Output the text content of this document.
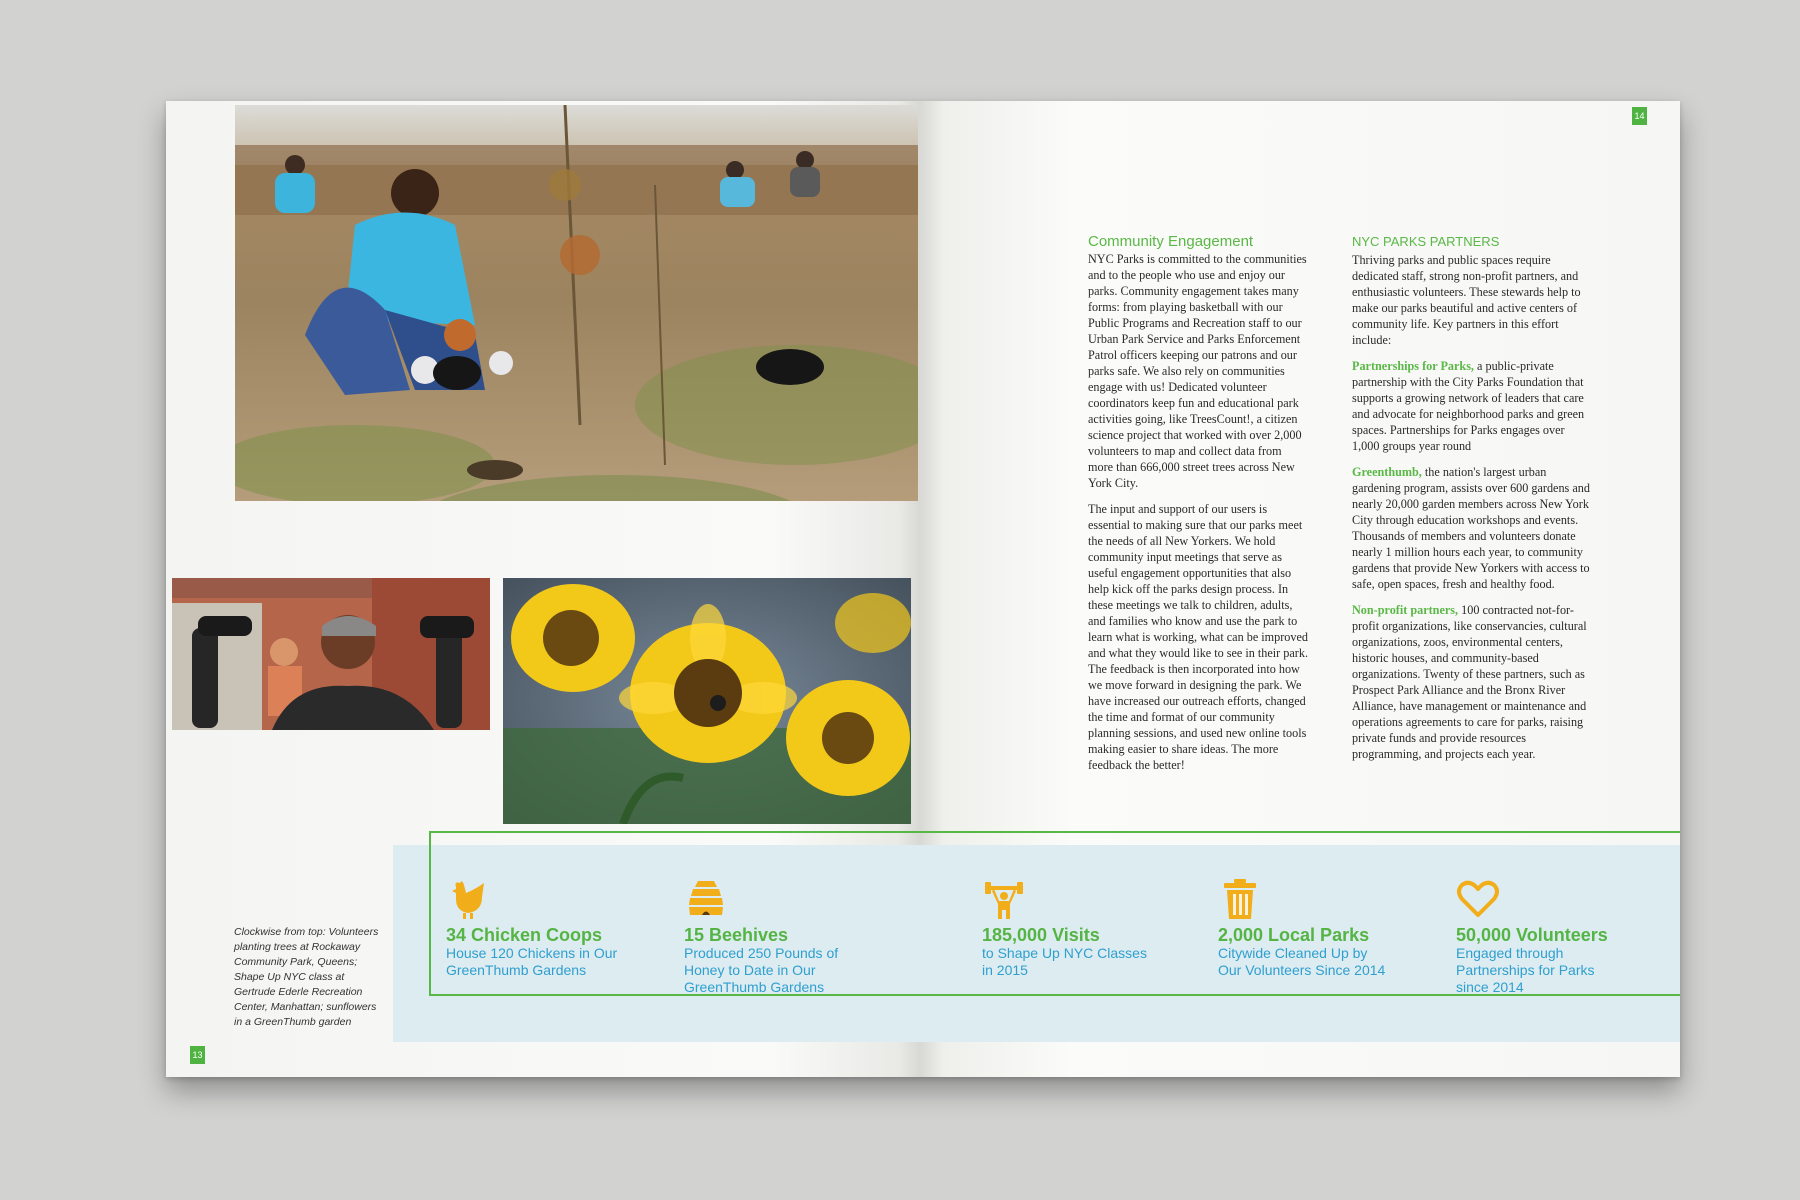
Clockwise from top: Volunteers planting trees at Rockaway Community Park, Queens; Shape Up NYC class at Gertrude Ederle Recreation Center, Manhattan; sunflowers in a GreenThumb garden
13
14
Community Engagement

NYC Parks is committed to the communities and to the people who use and enjoy our parks. Community engagement takes many forms: from playing basketball with our Public Programs and Recreation staff to our Urban Park Service and Parks Enforcement Patrol officers keeping our patrons and our parks safe. We also rely on communities engage with us! Dedicated volunteer coordinators keep fun and educational park activities going, like TreesCount!, a citizen science project that worked with over 2,000 volunteers to map and collect data from more than 666,000 street trees across New York City.

The input and support of our users is essential to making sure that our parks meet the needs of all New Yorkers. We hold community input meetings that serve as useful engagement opportunities that also help kick off the parks design process. In these meetings we talk to children, adults, and families who know and use the park to learn what is working, what can be improved and what they would like to see in their park. The feedback is then incorporated into how we move forward in designing the park. We have increased our outreach efforts, changed the time and format of our community planning sessions, and used new online tools making easier to share ideas. The more feedback the better!

NYC PARKS PARTNERS

Thriving parks and public spaces require dedicated staff, strong non-profit partners, and enthusiastic volunteers. These stewards help to make our parks beautiful and active centers of community life. Key partners in this effort include:

Partnerships for Parks, a public-private partnership with the City Parks Foundation that supports a growing network of leaders that care and advocate for neighborhood parks and green spaces. Partnerships for Parks engages over 1,000 groups year round

Greenthumb, the nation's largest urban gardening program, assists over 600 gardens and nearly 20,000 garden members across New York City through education workshops and events. Thousands of members and volunteers donate nearly 1 million hours each year, to community gardens that provide New Yorkers with access to safe, open spaces, fresh and healthy food.

Non-profit partners, 100 contracted not-for-profit organizations, like conservancies, cultural organizations, zoos, environmental centers, historic houses, and community-based organizations. Twenty of these partners, such as Prospect Park Alliance and the Bronx River Alliance, have management or maintenance and operations agreements to care for parks, raising private funds and provide resources programming, and projects each year.

34 Chicken Coops
House 120 Chickens in Our GreenThumb Gardens
15 Beehives
Produced 250 Pounds of Honey to Date in Our GreenThumb Gardens
185,000 Visits
to Shape Up NYC Classes in 2015
2,000 Local Parks
Citywide Cleaned Up by Our Volunteers Since 2014
50,000 Volunteers
Engaged through Partnerships for Parks since 2014
